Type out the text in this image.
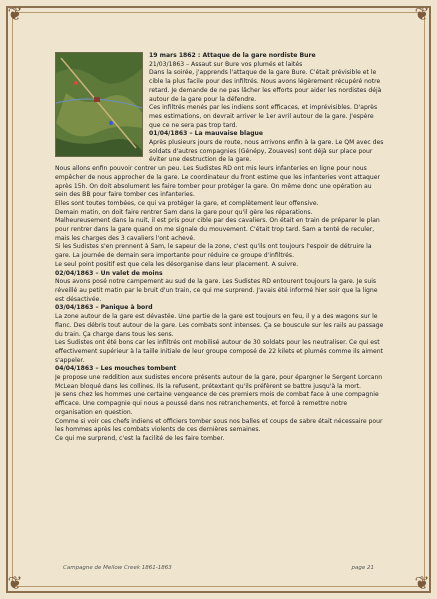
❦	❦
❦	❦

19 mars 1862 : Attaque de la gare nordiste Bure

21/03/1863 – Assaut sur Bure vos plumés et laités

Dans la soirée, j'apprends l'attaque de la gare Bure. C'était prévisible et le cible la plus facile pour des infiltrés. Nous avons légèrement récupéré notre retard. Je demande de ne pas lâcher les efforts pour aider les nordistes déjà autour de la gare pour la défendre.

Ces infiltrés menés par les indiens sont efficaces, et imprévisibles. D'après mes estimations, on devrait arriver le 1er avril autour de la gare. J'espère que ce ne sera pas trop tard.

01/04/1863 – La mauvaise blague

Après plusieurs jours de route, nous arrivons enfin à la gare. Le QM avec des soldats d'autres compagnies (Génépy, Zouaves) sont déjà sur place pour éviter une destruction de la gare.

Nous allons enfin pouvoir contrer un peu. Les Sudistes RD ont mis leurs infanteries en ligne pour nous empêcher de nous approcher de la gare. Le coordinateur du front estime que les infanteries vont attaquer après 15h. On doit absolument les faire tomber pour protéger la gare. On même donc une opération au sein des BB pour faire tomber ces infanteries.

Elles sont toutes tombées, ce qui va protéger la gare, et complètement leur offensive.

Demain matin, on doit faire rentrer Sam dans la gare pour qu'il gère les réparations.

Malheureusement dans la nuit, il est pris pour cible par des cavaliers. On était en train de préparer le plan pour rentrer dans la gare quand on me signale du mouvement. C'était trop tard. Sam a tenté de reculer, mais les charges des 3 cavaliers l'ont achevé.

Si les Sudistes s'en prennent à Sam, le sapeur de la zone, c'est qu'ils ont toujours l'espoir de détruire la gare. La journée de demain sera importante pour réduire ce groupe d'infiltrés.

Le seul point positif est que cela les désorganise dans leur placement. A suivre.

02/04/1863 – Un valet de moins

Nous avons posé notre campement au sud de la gare. Les Sudistes RD entourent toujours la gare. Je suis réveillé au petit matin par le bruit d'un train, ce qui me surprend. J'avais été informé hier soir que la ligne est désactivée.

03/04/1863 – Panique à bord

La zone autour de la gare est dévastée. Une partie de la gare est toujours en feu, il y a des wagons sur le flanc. Des débris tout autour de la gare. Les combats sont intenses. Ça se bouscule sur les rails au passage du train. Ça charge dans tous les sens.

Les Sudistes ont été bons car les infiltrés ont mobilisé autour de 30 soldats pour les neutraliser. Ce qui est effectivement supérieur à la taille initiale de leur groupe composé de 22 kilets et plumés comme ils aiment s'appeler.

04/04/1863 – Les mouches tombent

Je propose une reddition aux sudistes encore présents autour de la gare, pour épargner le Sergent Lorcann McLean bloqué dans les collines. Ils la refusent, prétextant qu'ils préfèrent se battre jusqu'à la mort.

Je sens chez les hommes une certaine vengeance de ces premiers mois de combat face à une compagnie efficace. Une compagnie qui nous a poussé dans nos retranchements, et forcé à remettre notre organisation en question.

Comme si voir ces chefs indiens et officiers tomber sous nos balles et coups de sabre était nécessaire pour les hommes après les combats violents de ces dernières semaines.

Ce qui me surprend, c'est la facilité de les faire tomber.

Campagne de Mellow Creek 1861-1863	page 21
